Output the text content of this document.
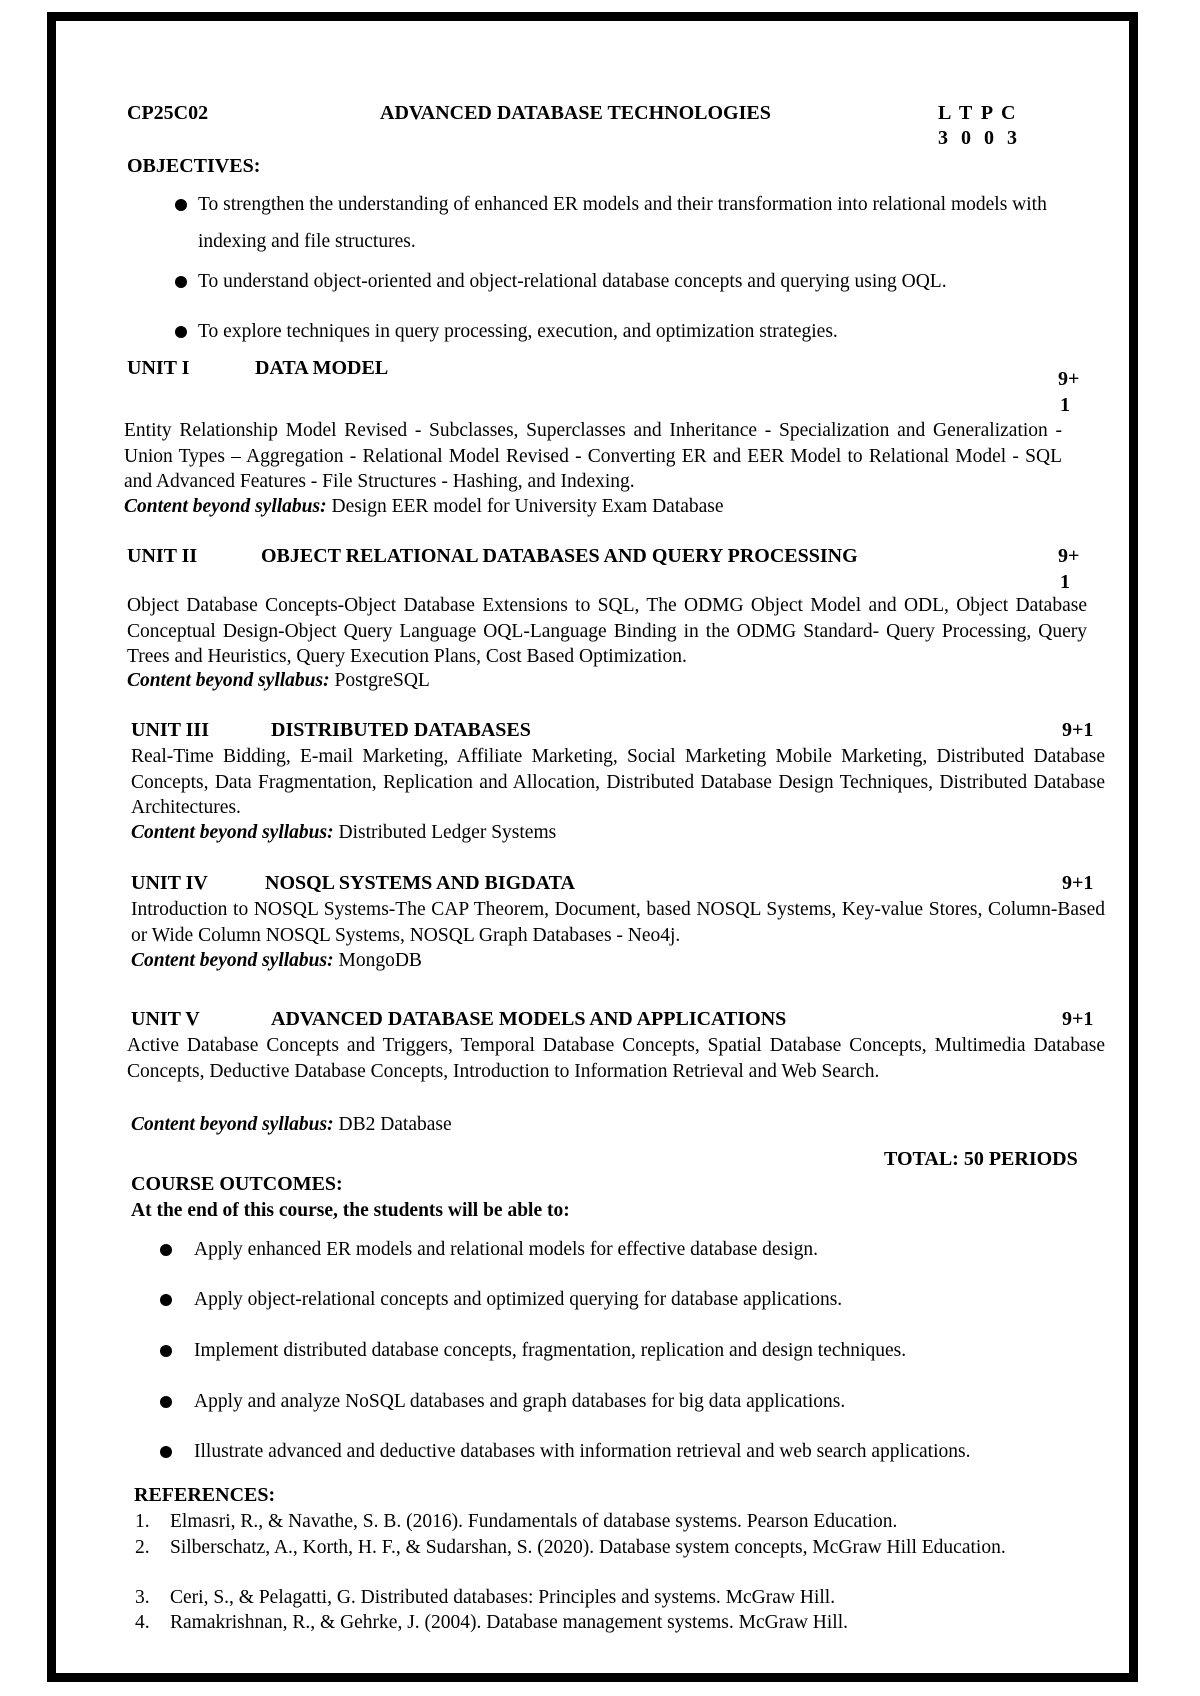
CP25C02	ADVANCED DATABASE TECHNOLOGIES	L T P C
3 0 0 3
OBJECTIVES:
To strengthen the understanding of enhanced ER models and their transformation into relational models with indexing and file structures.
To understand object-oriented and object-relational database concepts and querying using OQL.
To explore techniques in query processing, execution, and optimization strategies.
UNIT I	DATA MODEL	9+
1
Entity Relationship Model Revised - Subclasses, Superclasses and Inheritance - Specialization and Generalization - Union Types – Aggregation - Relational Model Revised - Converting ER and EER Model to Relational Model - SQL and Advanced Features - File Structures - Hashing, and Indexing.
Content beyond syllabus: Design EER model for University Exam Database
UNIT II	OBJECT RELATIONAL DATABASES AND QUERY PROCESSING	9+
1
Object Database Concepts-Object Database Extensions to SQL, The ODMG Object Model and ODL, Object Database Conceptual Design-Object Query Language OQL-Language Binding in the ODMG Standard- Query Processing, Query Trees and Heuristics, Query Execution Plans, Cost Based Optimization.
Content beyond syllabus: PostgreSQL
UNIT III	DISTRIBUTED DATABASES	9+1
Real-Time Bidding, E-mail Marketing, Affiliate Marketing, Social Marketing Mobile Marketing, Distributed Database Concepts, Data Fragmentation, Replication and Allocation, Distributed Database Design Techniques, Distributed Database Architectures.
Content beyond syllabus: Distributed Ledger Systems
UNIT IV	NOSQL SYSTEMS AND BIGDATA	9+1
Introduction to NOSQL Systems-The CAP Theorem, Document, based NOSQL Systems, Key-value Stores, Column-Based or Wide Column NOSQL Systems, NOSQL Graph Databases - Neo4j.
Content beyond syllabus: MongoDB
UNIT V	ADVANCED DATABASE MODELS AND APPLICATIONS	9+1
Active Database Concepts and Triggers, Temporal Database Concepts, Spatial Database Concepts, Multimedia Database Concepts, Deductive Database Concepts, Introduction to Information Retrieval and Web Search.
Content beyond syllabus: DB2 Database
TOTAL: 50 PERIODS
COURSE OUTCOMES:
At the end of this course, the students will be able to:
Apply enhanced ER models and relational models for effective database design.
Apply object-relational concepts and optimized querying for database applications.
Implement distributed database concepts, fragmentation, replication and design techniques.
Apply and analyze NoSQL databases and graph databases for big data applications.
Illustrate advanced and deductive databases with information retrieval and web search applications.
REFERENCES:
1. Elmasri, R., & Navathe, S. B. (2016). Fundamentals of database systems. Pearson Education.
2. Silberschatz, A., Korth, H. F., & Sudarshan, S. (2020). Database system concepts, McGraw Hill Education.
3. Ceri, S., & Pelagatti, G. Distributed databases: Principles and systems. McGraw Hill.
4. Ramakrishnan, R., & Gehrke, J. (2004). Database management systems. McGraw Hill.
